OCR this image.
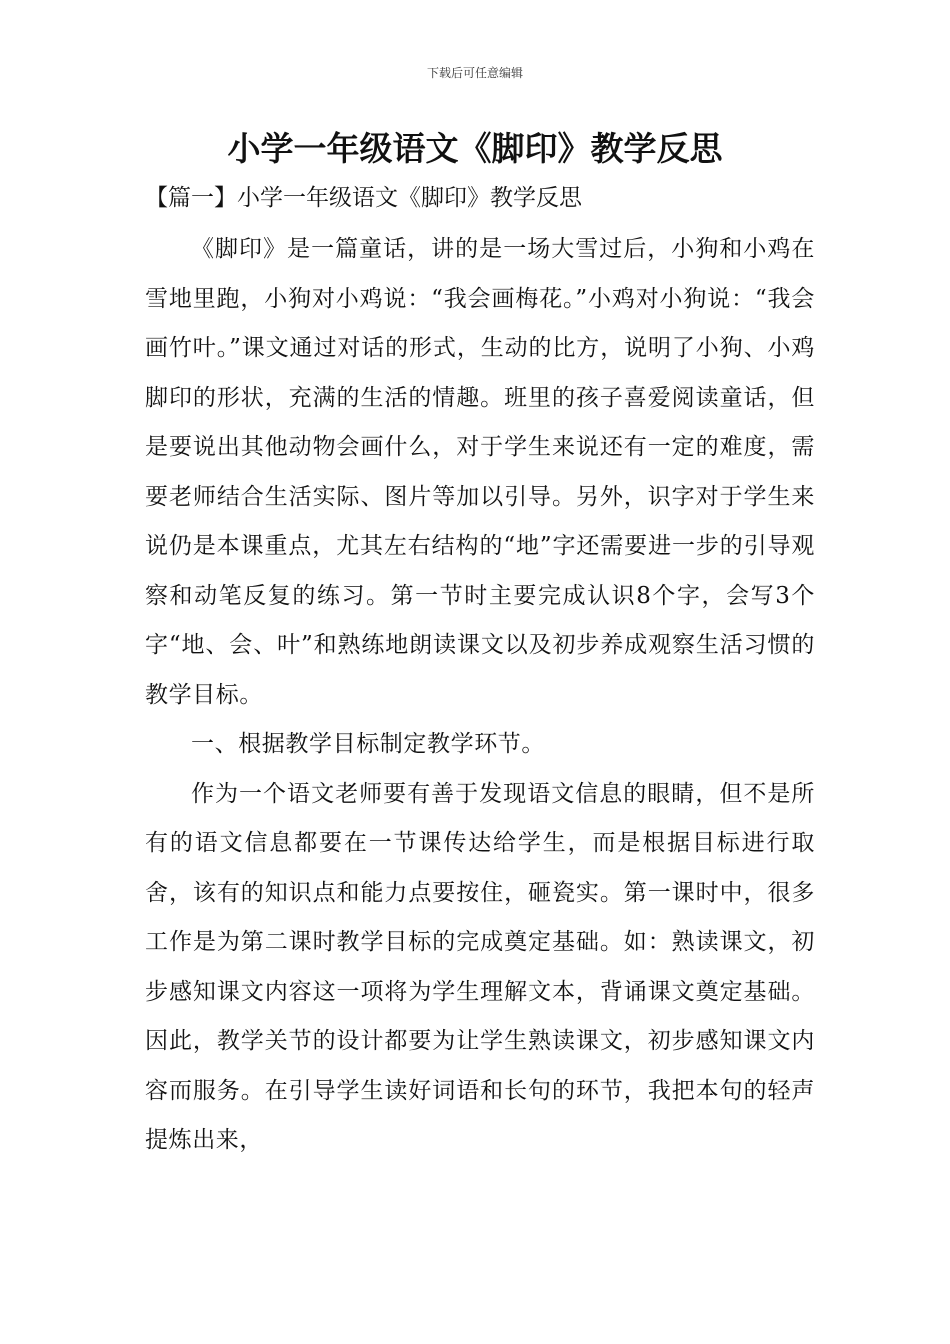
下载后可任意编辑
小学一年级语文《脚印》教学反思

【篇一】小学一年级语文《脚印》教学反思

《脚印》是一篇童话，讲的是一场大雪过后，小狗和小鸡在雪地里跑，小狗对小鸡说：“我会画梅花。”小鸡对小狗说：“我会画竹叶。”课文通过对话的形式，生动的比方，说明了小狗、小鸡脚印的形状，充满的生活的情趣。班里的孩子喜爱阅读童话，但是要说出其他动物会画什么，对于学生来说还有一定的难度，需要老师结合生活实际、图片等加以引导。另外，识字对于学生来说仍是本课重点，尤其左右结构的“地”字还需要进一步的引导观察和动笔反复的练习。第一节时主要完成认识8个字，会写3个字“地、会、叶”和熟练地朗读课文以及初步养成观察生活习惯的教学目标。

一、根据教学目标制定教学环节。

作为一个语文老师要有善于发现语文信息的眼睛，但不是所有的语文信息都要在一节课传达给学生，而是根据目标进行取舍，该有的知识点和能力点要按住，砸瓷实。第一课时中，很多工作是为第二课时教学目标的完成奠定基础。如：熟读课文，初步感知课文内容这一项将为学生理解文本，背诵课文奠定基础。因此，教学关节的设计都要为让学生熟读课文，初步感知课文内容而服务。在引导学生读好词语和长句的环节，我把本句的轻声提炼出来，
